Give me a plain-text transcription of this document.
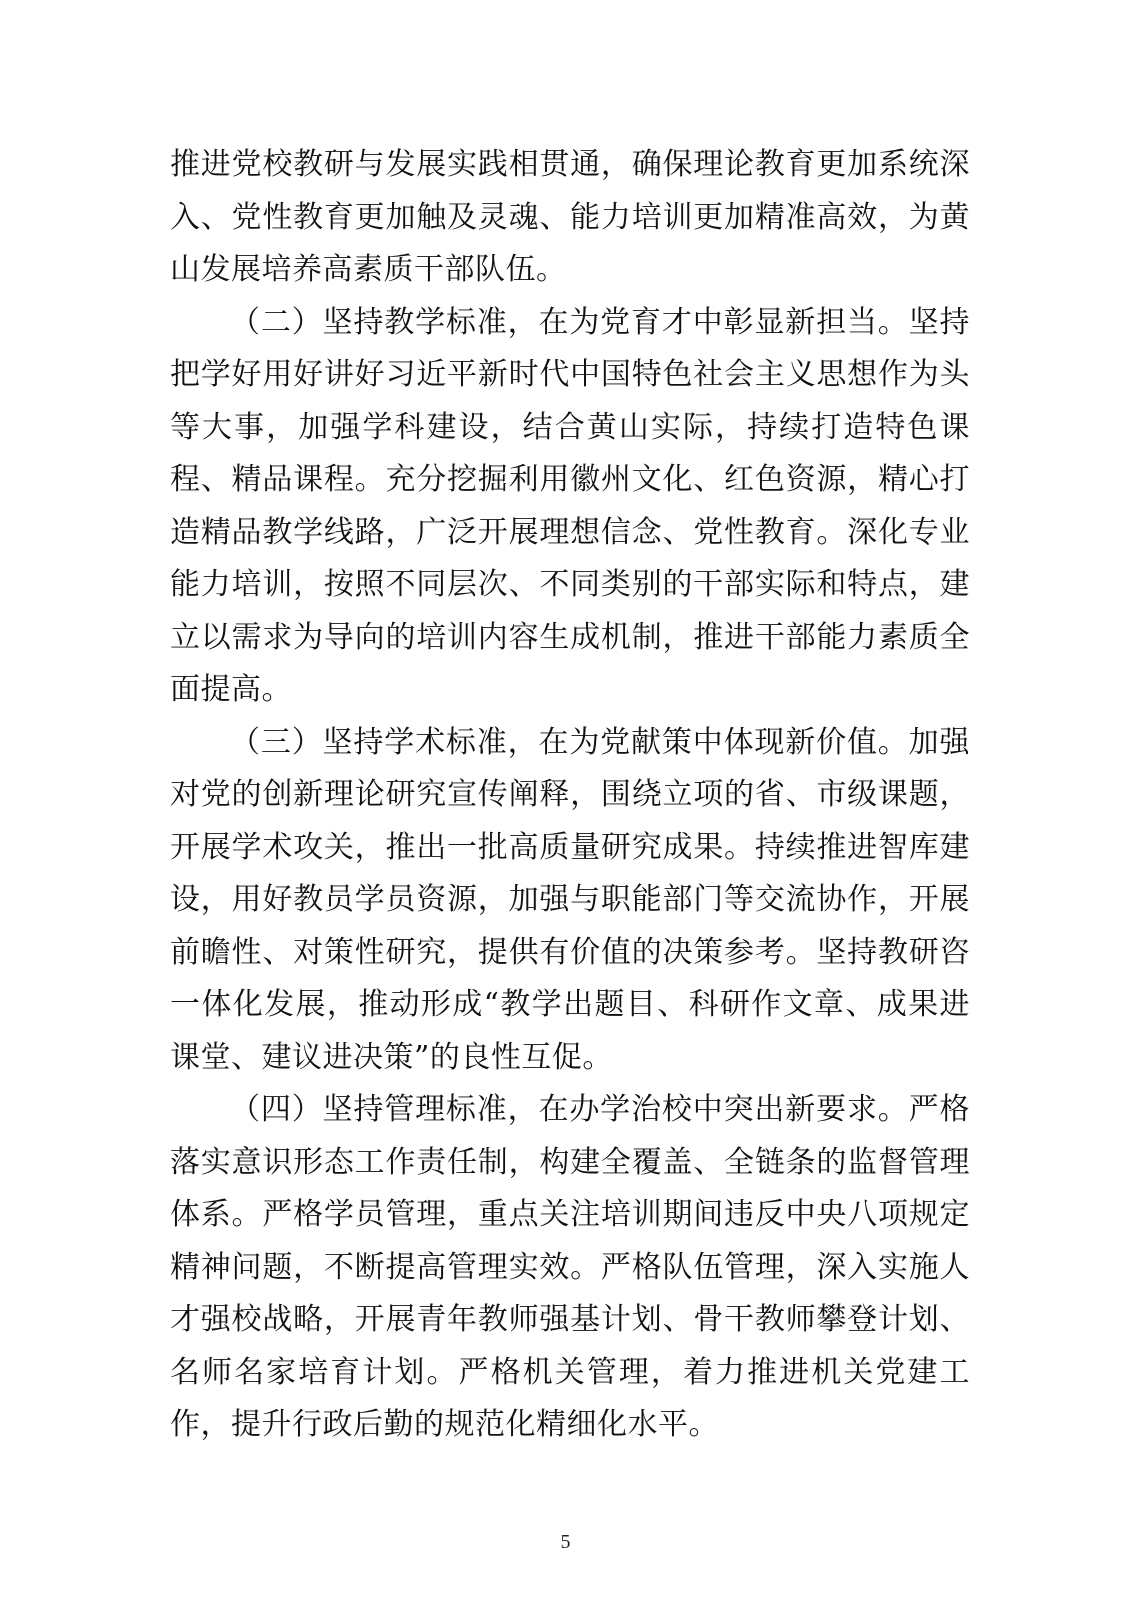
推进党校教研与发展实践相贯通，确保理论教育更加系统深入、党性教育更加触及灵魂、能力培训更加精准高效，为黄山发展培养高素质干部队伍。

（二）坚持教学标准，在为党育才中彰显新担当。坚持把学好用好讲好习近平新时代中国特色社会主义思想作为头等大事，加强学科建设，结合黄山实际，持续打造特色课程、精品课程。充分挖掘利用徽州文化、红色资源，精心打造精品教学线路，广泛开展理想信念、党性教育。深化专业能力培训，按照不同层次、不同类别的干部实际和特点，建立以需求为导向的培训内容生成机制，推进干部能力素质全面提高。

（三）坚持学术标准，在为党献策中体现新价值。加强对党的创新理论研究宣传阐释，围绕立项的省、市级课题，开展学术攻关，推出一批高质量研究成果。持续推进智库建设，用好教员学员资源，加强与职能部门等交流协作，开展前瞻性、对策性研究，提供有价值的决策参考。坚持教研咨一体化发展，推动形成“教学出题目、科研作文章、成果进课堂、建议进决策”的良性互促。

（四）坚持管理标准，在办学治校中突出新要求。严格落实意识形态工作责任制，构建全覆盖、全链条的监督管理体系。严格学员管理，重点关注培训期间违反中央八项规定精神问题，不断提高管理实效。严格队伍管理，深入实施人才强校战略，开展青年教师强基计划、骨干教师攀登计划、名师名家培育计划。严格机关管理，着力推进机关党建工作，提升行政后勤的规范化精细化水平。

5
